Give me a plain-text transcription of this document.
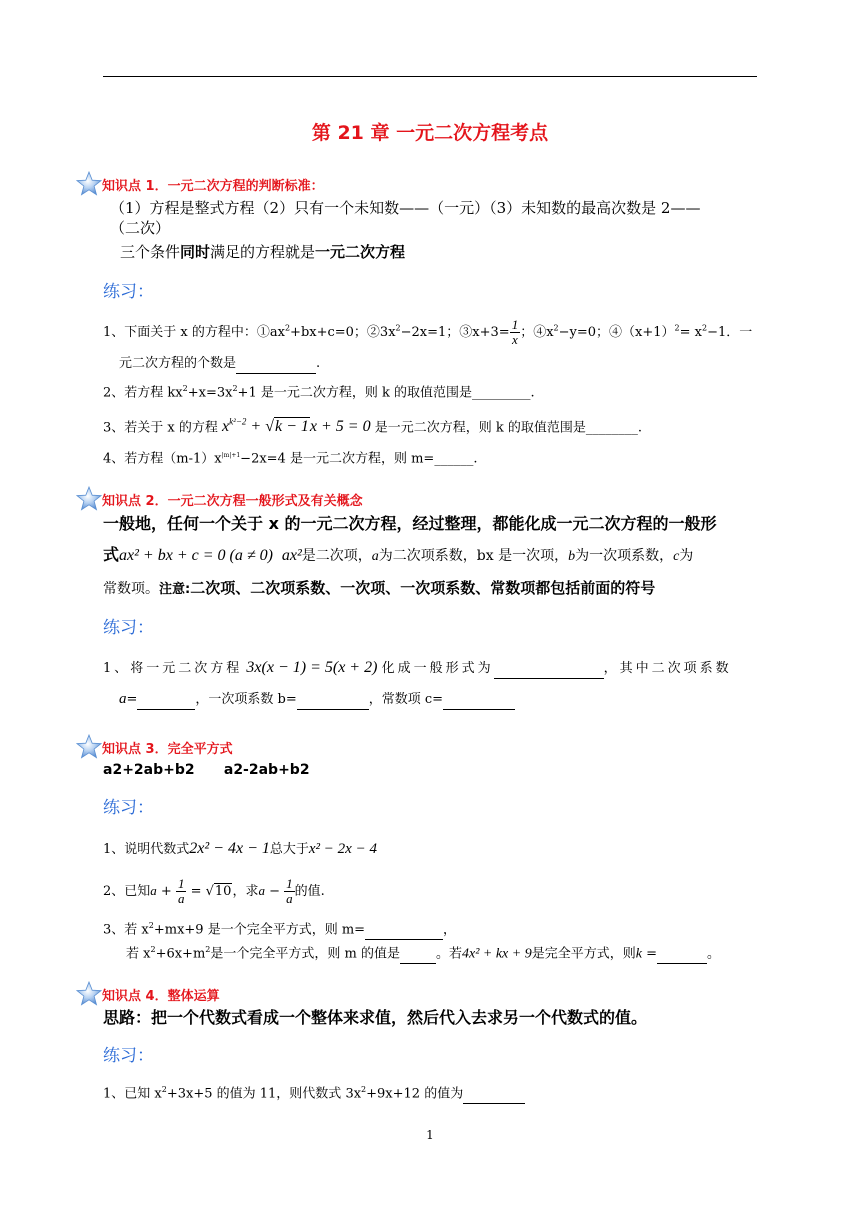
第 21 章 一元二次方程考点
知识点 1．一元二次方程的判断标准：
（1）方程是整式方程（2）只有一个未知数——（一元）（3）未知数的最高次数是 2——
（二次）
三个条件同时满足的方程就是一元二次方程
练习：
1、下面关于 x 的方程中：$①ax^2+bx+c=0$；$②3x^2-2x=1$；③x+3= $\frac{1}{x}$ ；$④x^2-y=0$；$④(x+1)^2= x^2-1$．一
元二次方程的个数是	.
2、若方程 $kx^2+x=3x^2+1$ 是一元二次方程，则 k 的取值范围是_________.
3、若关于 x 的方程 $x^{k^2-2} + √k - 1x + 5 = 0$ 是一元二次方程，则 k 的取值范围是________.
4、若方程$(m-1)x^{|m|+1}-2x=4$ 是一元二次方程，则 m=______.
知识点 2．一元二次方程一般形式及有关概念
一般地，任何一个关于 x 的一元二次方程，经过整理，都能化成一元二次方程的一般形
式ax² + bx + c = 0 (a ≠ 0) ax²是二次项，a为二次项系数，bx 是一次项，b为一次项系数，c为
常数项。注意:二次项、二次项系数、一次项、一次项系数、常数项都包括前面的符号
练习：
1、将一元二次方程 3x(x − 1) = 5(x + 2) 化成一般形式为	，其中二次项系数
a=	，一次项系数 b=	，常数项 c=
知识点 3．完全平方式
a2+2ab+b2      a2-2ab+b2
练习：
1、说明代数式2x² − 4x − 1总大于x² − 2x − 4
2、已知$a + \frac{1}{a} = √10$，求$a - \frac{1}{a}$ 的值.
3、若 $x^2+mx+9$ 是一个完全平方式，则 m=	，
若 $x^2+6x+m^2$是一个完全平方式，则 m 的值是	。若4x² + kx + 9是完全平方式，则k =	。
知识点 4．整体运算
思路：把一个代数式看成一个整体来求值，然后代入去求另一个代数式的值。
练习：
1、已知 $x^2+3x+5$ 的值为 11，则代数式 $3x^2+9x+12$ 的值为
1
